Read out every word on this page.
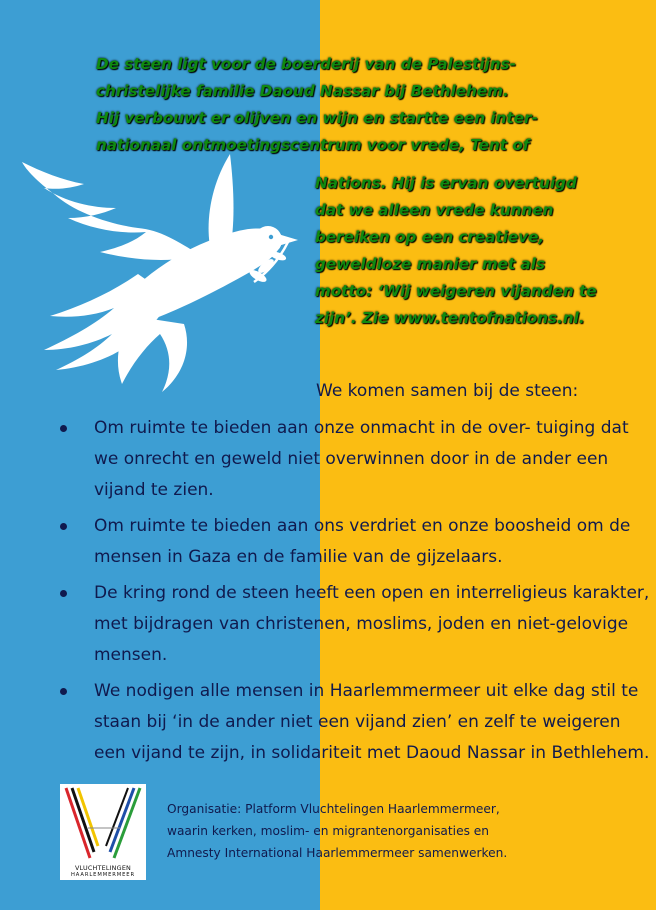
De steen ligt voor de boerderij van de Palestijns-
christelijke familie Daoud Nassar bij Bethlehem.
Hij verbouwt er olijven en wijn en startte een inter-
nationaal ontmoetingscentrum voor vrede, Tent of
Nations. Hij is ervan overtuigd
dat we alleen vrede kunnen
bereiken op een creatieve,
geweldloze manier met als
motto: ‘Wij weigeren vijanden te
zijn’. Zie www.tentofnations.nl.
We komen samen bij de steen:
Om ruimte te bieden aan onze onmacht in de over- tuiging dat we onrecht en geweld niet overwinnen door in de ander een vijand te zien.
Om ruimte te bieden aan ons verdriet en onze boosheid om de mensen in Gaza en de familie van de gijzelaars.
De kring rond de steen heeft een open en interreligieus karakter, met bijdragen van christenen, moslims, joden en niet-gelovige mensen.
We nodigen alle mensen in Haarlemmermeer uit elke dag stil te staan bij ‘in de ander niet een vijand zien’ en zelf te weigeren een vijand te zijn, in solidariteit met Daoud Nassar in Bethlehem.
VLUCHTELINGEN
HAARLEMMERMEER
Organisatie: Platform Vluchtelingen Haarlemmermeer,
waarin kerken, moslim- en migrantenorganisaties en
Amnesty International Haarlemmermeer samenwerken.
